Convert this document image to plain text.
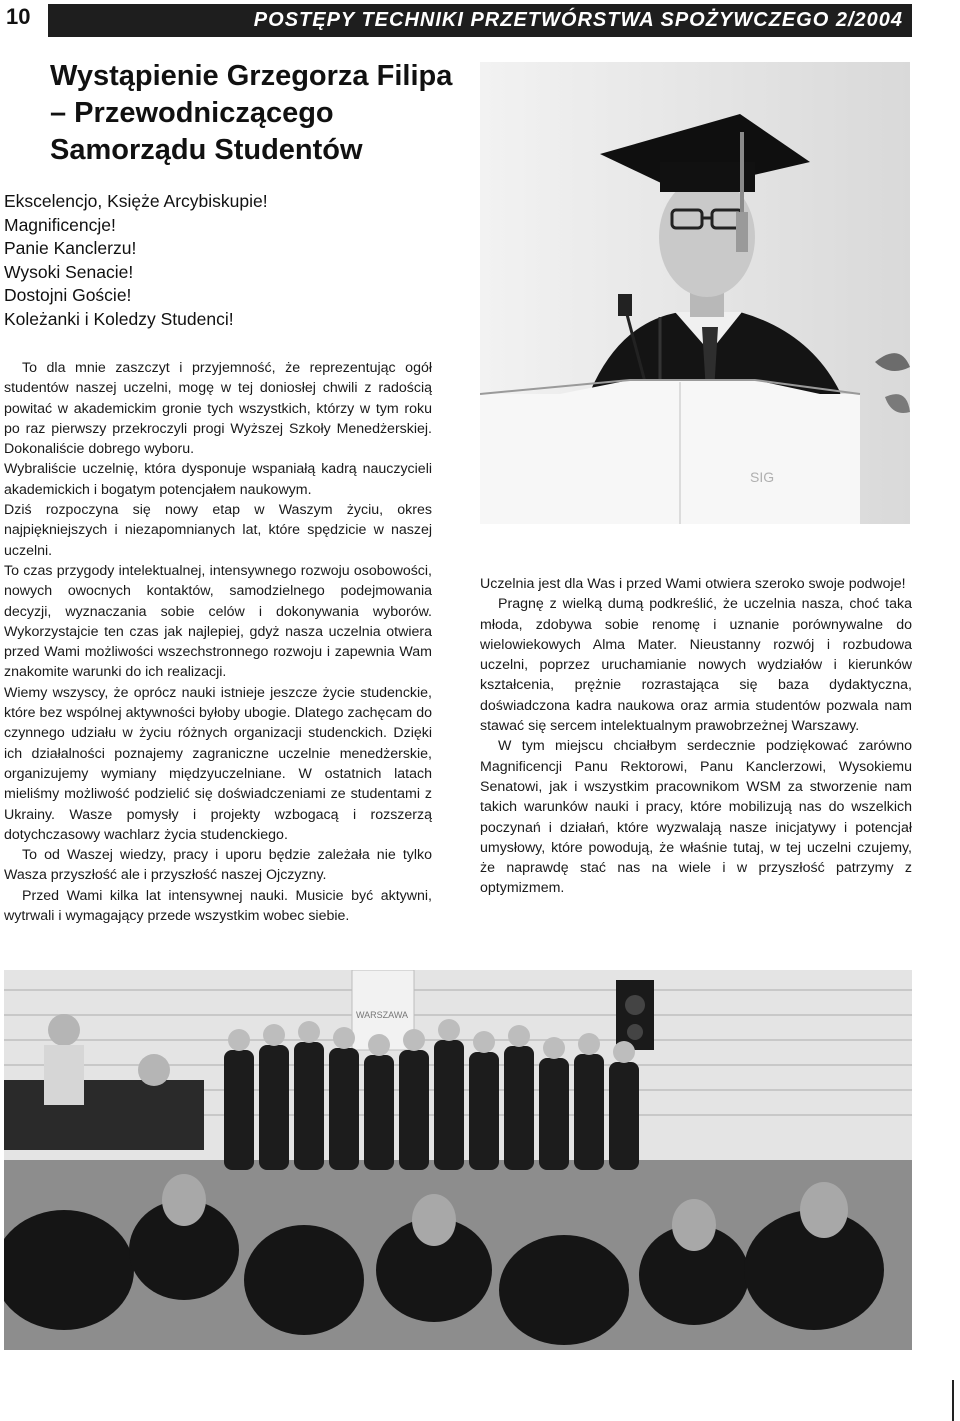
POSTĘPY TECHNIKI PRZETWÓRSTWA SPOŻYWCZEGO 2/2004
10
Wystąpienie Grzegorza Filipa – Przewodniczącego Samorządu Studentów
Ekscelencjo, Księże Arcybiskupie!
Magnificencje!
Panie Kanclerzu!
Wysoki Senacie!
Dostojni Goście!
Koleżanki i Koledzy Studenci!

To dla mnie zaszczyt i przyjemność, że reprezentując ogół studentów naszej uczelni, mogę w tej doniosłej chwili z radością powitać w akademickim gronie tych wszystkich, którzy w tym roku po raz pierwszy przekroczyli progi Wyższej Szkoły Menedżerskiej. Dokonaliście dobrego wyboru.

Wybraliście uczelnię, która dysponuje wspaniałą kadrą nauczycieli akademickich i bogatym potencjałem naukowym.

Dziś rozpoczyna się nowy etap w Waszym życiu, okres najpiękniejszych i niezapomnianych lat, które spędzicie w naszej uczelni.

To czas przygody intelektualnej, intensywnego rozwoju osobowości, nowych owocnych kontaktów, samodzielnego podejmowania decyzji, wyznaczania sobie celów i dokonywania wyborów. Wykorzystajcie ten czas jak najlepiej, gdyż nasza uczelnia otwiera przed Wami możliwości wszechstronnego rozwoju i zapewnia Wam znakomite warunki do ich realizacji.

Wiemy wszyscy, że oprócz nauki istnieje jeszcze życie studenckie, które bez wspólnej aktywności byłoby ubogie. Dlatego zachęcam do czynnego udziału w życiu różnych organizacji studenckich. Dzięki ich działalności poznajemy zagraniczne uczelnie menedżerskie, organizujemy wymiany międzyuczelniane. W ostatnich latach mieliśmy możliwość podzielić się doświadczeniami ze studentami z Ukrainy. Wasze pomysły i projekty wzbogacą i rozszerzą dotychczasowy wachlarz życia studenckiego.

To od Waszej wiedzy, pracy i uporu będzie zależała nie tylko Wasza przyszłość ale i przyszłość naszej Ojczyzny.

Przed Wami kilka lat intensywnej nauki. Musicie być aktywni, wytrwali i wymagający przede wszystkim wobec siebie.

SIG

Uczelnia jest dla Was i przed Wami otwiera szeroko swoje podwoje!

Pragnę z wielką dumą podkreślić, że uczelnia nasza, choć taka młoda, zdobywa sobie renomę i uznanie porównywalne do wielowiekowych Alma Mater. Nieustanny rozwój i rozbudowa uczelni, poprzez uruchamianie nowych wydziałów i kierunków kształcenia, prężnie rozrastająca się baza dydaktyczna, doświadczona kadra naukowa oraz armia studentów pozwala nam stawać się sercem intelektualnym prawobrzeżnej Warszawy.

W tym miejscu chciałbym serdecznie podziękować zarówno Magnificencji Panu Rektorowi, Panu Kanclerzowi, Wysokiemu Senatowi, jak i wszystkim pracownikom WSM za stworzenie nam takich warunków nauki i pracy, które mobilizują nas do wszelkich poczynań i działań, które wyzwalają nasze inicjatywy i potencjał umysłowy, które powodują, że właśnie tutaj, w tej uczelni czujemy, że naprawdę stać nas na wiele i w przyszłość patrzymy z optymizmem.

WARSZAWA
